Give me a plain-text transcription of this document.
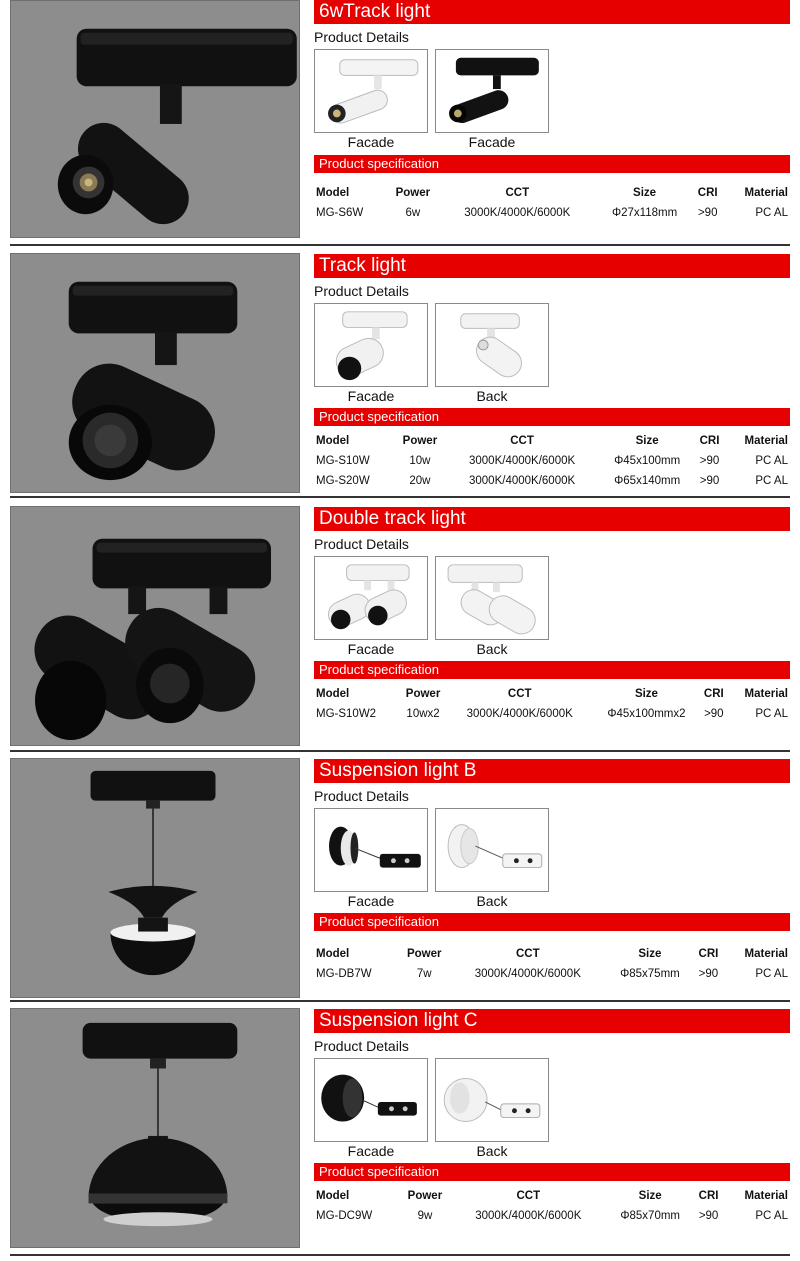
6wTrack light
Product Details
Facade	Facade
Product specification
Model	Power	CCT	Size	CRI	Material
MG-S6W	6w	3000K/4000K/6000K	Φ27x118mm	>90	PC AL
Track light
Product Details
Facade	Back
Product specification
Model	Power	CCT	Size	CRI	Material
MG-S10W	10w	3000K/4000K/6000K	Φ45x100mm	>90	PC AL
MG-S20W	20w	3000K/4000K/6000K	Φ65x140mm	>90	PC AL
Double track light
Product Details
Facade	Back
Product specification
Model	Power	CCT	Size	CRI	Material
MG-S10W2	10wx2	3000K/4000K/6000K	Φ45x100mmx2	>90	PC AL
Suspension light B
Product Details
Facade	Back
Product specification
Model	Power	CCT	Size	CRI	Material
MG-DB7W	7w	3000K/4000K/6000K	Φ85x75mm	>90	PC AL
Suspension light C
Product Details
Facade	Back
Product specification
Model	Power	CCT	Size	CRI	Material
MG-DC9W	9w	3000K/4000K/6000K	Φ85x70mm	>90	PC AL
